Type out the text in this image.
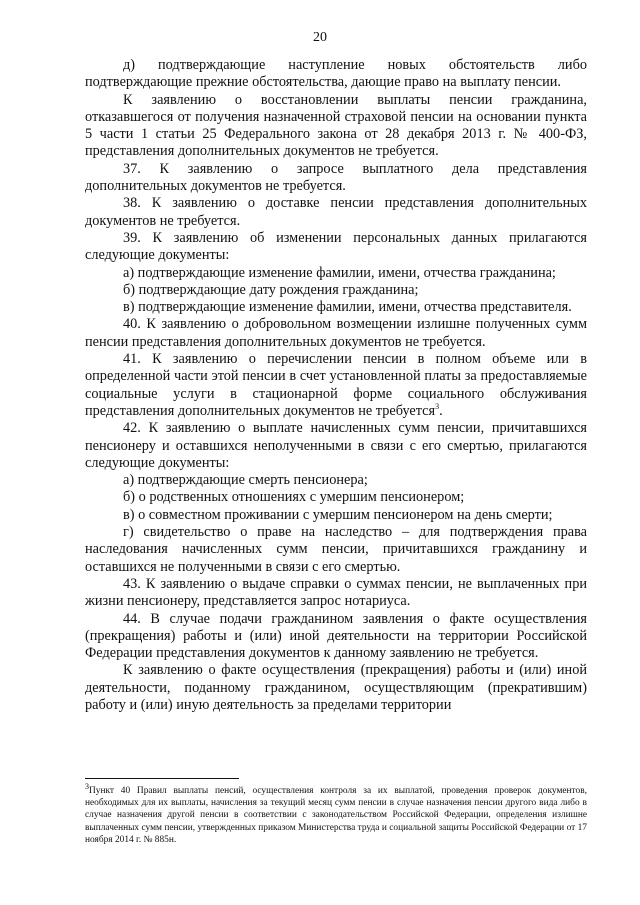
20

д) подтверждающие наступление новых обстоятельств либо подтверждающие прежние обстоятельства, дающие право на выплату пенсии.

К заявлению о восстановлении выплаты пенсии гражданина, отказавшегося от получения назначенной страховой пенсии на основании пункта 5 части 1 статьи 25 Федерального закона от 28 декабря 2013 г. № 400-ФЗ, представления дополнительных документов не требуется.

37. К заявлению о запросе выплатного дела представления дополнительных документов не требуется.

38. К заявлению о доставке пенсии представления дополнительных документов не требуется.

39. К заявлению об изменении персональных данных прилагаются следующие документы:

а) подтверждающие изменение фамилии, имени, отчества гражданина;

б) подтверждающие дату рождения гражданина;

в) подтверждающие изменение фамилии, имени, отчества представителя.

40. К заявлению о добровольном возмещении излишне полученных сумм пенсии представления дополнительных документов не требуется.

41. К заявлению о перечислении пенсии в полном объеме или в определенной части этой пенсии в счет установленной платы за предоставляемые социальные услуги в стационарной форме социального обслуживания представления дополнительных документов не требуется$^3$.

42. К заявлению о выплате начисленных сумм пенсии, причитавшихся пенсионеру и оставшихся неполученными в связи с его смертью, прилагаются следующие документы:

а) подтверждающие смерть пенсионера;

б) о родственных отношениях с умершим пенсионером;

в) о совместном проживании с умершим пенсионером на день смерти;

г) свидетельство о праве на наследство – для подтверждения права наследования начисленных сумм пенсии, причитавшихся гражданину и оставшихся не полученными в связи с его смертью.

43. К заявлению о выдаче справки о суммах пенсии, не выплаченных при жизни пенсионеру, представляется запрос нотариуса.

44. В случае подачи гражданином заявления о факте осуществления (прекращения) работы и (или) иной деятельности на территории Российской Федерации представления документов к данному заявлению не требуется.

К заявлению о факте осуществления (прекращения) работы и (или) иной деятельности, поданному гражданином, осуществляющим (прекратившим) работу и (или) иную деятельность за пределами территории

$^3$Пункт 40 Правил выплаты пенсий, осуществления контроля за их выплатой, проведения проверок документов, необходимых для их выплаты, начисления за текущий месяц сумм пенсии в случае назначения пенсии другого вида либо в случае назначения другой пенсии в соответствии с законодательством Российской Федерации, определения излишне выплаченных сумм пенсии, утвержденных приказом Министерства труда и социальной защиты Российской Федерации от 17 ноября 2014 г. № 885н.
